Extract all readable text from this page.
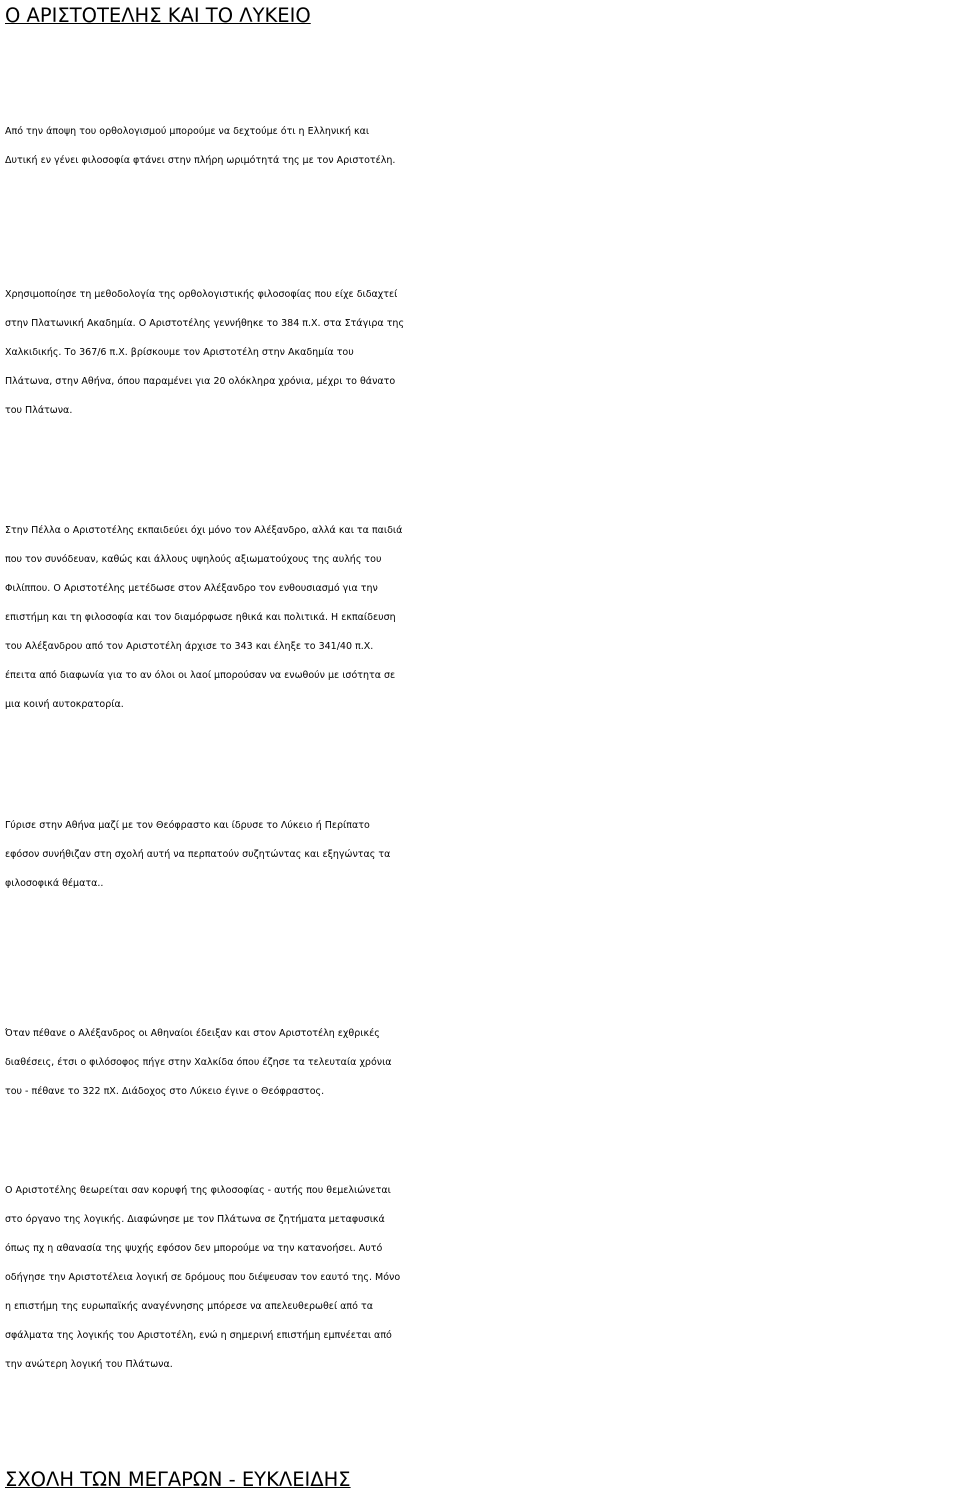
Ο ΑΡΙΣΤΟΤΕΛΗΣ ΚΑΙ ΤΟ ΛΥΚΕΙΟ
Από την άποψη του ορθολογισμού μπορούμε να δεχτούμε ότι η Ελληνική και
Δυτική εν γένει φιλοσοφία φτάνει στην πλήρη ωριμότητά της με τον Αριστοτέλη.
Χρησιμοποίησε τη μεθοδολογία της ορθολογιστικής φιλοσοφίας που είχε διδαχτεί
στην Πλατωνική Ακαδημία. Ο Αριστοτέλης γεννήθηκε το 384 π.Χ. στα Στάγιρα της
Χαλκιδικής. Το 367/6 π.Χ. βρίσκουμε τον Αριστοτέλη στην Ακαδημία του
Πλάτωνα, στην Αθήνα, όπου παραμένει για 20 ολόκληρα χρόνια, μέχρι το θάνατο
του Πλάτωνα.
Στην Πέλλα ο Αριστοτέλης εκπαιδεύει όχι μόνο τον Αλέξανδρο, αλλά και τα παιδιά
που τον συνόδευαν, καθώς και άλλους υψηλούς αξιωματούχους της αυλής του
Φιλίππου. Ο Αριστοτέλης μετέδωσε στον Αλέξανδρο τον ενθουσιασμό για την
επιστήμη και τη φιλοσοφία και τον διαμόρφωσε ηθικά και πολιτικά. Η εκπαίδευση
του Αλέξανδρου από τον Αριστοτέλη άρχισε το 343 και έληξε το 341/40 π.Χ.
έπειτα από διαφωνία για το αν όλοι οι λαοί μπορούσαν να ενωθούν με ισότητα σε
μια κοινή αυτοκρατορία.
Γύρισε στην Αθήνα μαζί με τον Θεόφραστο και ίδρυσε το Λύκειο ή Περίπατο
εφόσον συνήθιζαν στη σχολή αυτή να περπατούν συζητώντας και εξηγώντας τα
φιλοσοφικά θέματα..
Όταν πέθανε ο Αλέξανδρος οι Αθηναίοι έδειξαν και στον Αριστοτέλη εχθρικές
διαθέσεις, έτσι ο φιλόσοφος πήγε στην Χαλκίδα όπου έζησε τα τελευταία χρόνια
του - πέθανε το 322 πΧ. Διάδοχος στο Λύκειο έγινε ο Θεόφραστος.
Ο Αριστοτέλης θεωρείται σαν κορυφή της φιλοσοφίας - αυτής που θεμελιώνεται
στο όργανο της λογικής. Διαφώνησε με τον Πλάτωνα σε ζητήματα μεταφυσικά
όπως πχ η αθανασία της ψυχής εφόσον δεν μπορούμε να την κατανοήσει. Αυτό
οδήγησε την Αριστοτέλεια λογική σε δρόμους που διέψευσαν τον εαυτό της. Μόνο
η επιστήμη της ευρωπαϊκής αναγέννησης μπόρεσε να απελευθερωθεί από τα
σφάλματα της λογικής του Αριστοτέλη, ενώ η σημερινή επιστήμη εμπνέεται από
την ανώτερη λογική του Πλάτωνα.
ΣΧΟΛΗ ΤΩΝ ΜΕΓΑΡΩΝ - ΕΥΚΛΕΙΔΗΣ
